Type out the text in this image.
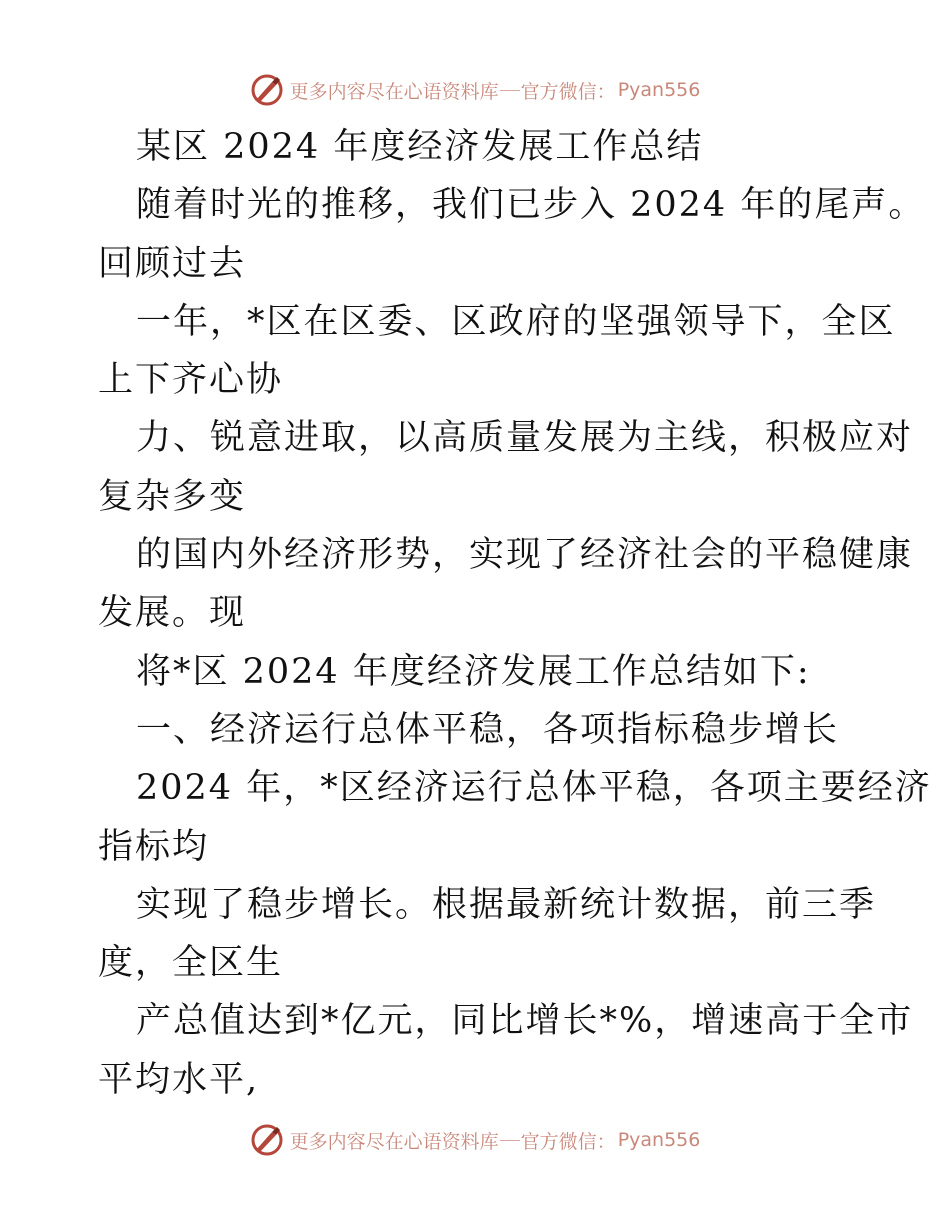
更多内容尽在心语资料库 官方微信： Pyan556
某区 2024 年度经济发展工作总结
随着时光的推移，我们已步入 2024 年的尾声。
回顾过去
一年，*区在区委、区政府的坚强领导下，全区
上下齐心协
力、锐意进取，以高质量发展为主线，积极应对
复杂多变
的国内外经济形势，实现了经济社会的平稳健康
发展。现
将*区 2024 年度经济发展工作总结如下:
一、经济运行总体平稳，各项指标稳步增长
2024 年，*区经济运行总体平稳，各项主要经济
指标均
实现了稳步增长。根据最新统计数据，前三季
度，全区生
产总值达到*亿元，同比增长*%，增速高于全市
平均水平,
更多内容尽在心语资料库 官方微信： Pyan556
